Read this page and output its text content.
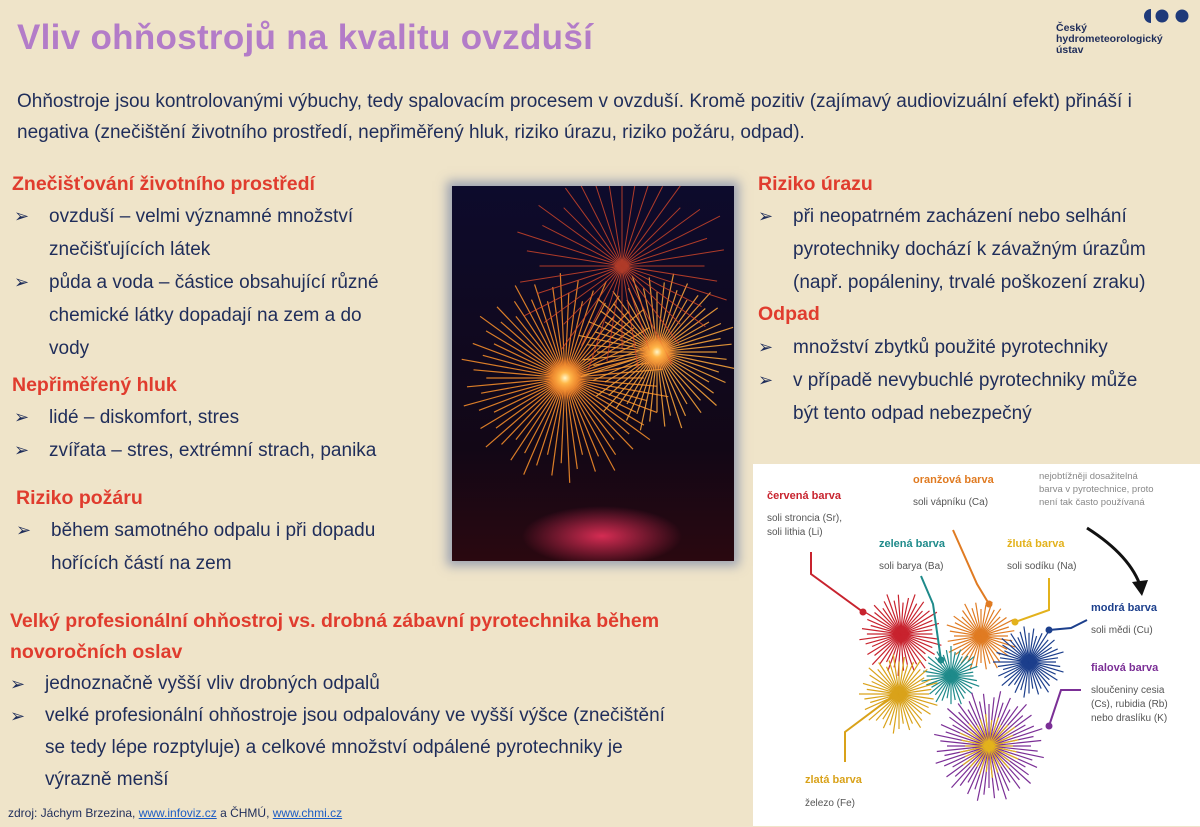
Vliv ohňostrojů na kvalitu ovzduší	Český
hydrometeorologický
ústav
Ohňostroje jsou kontrolovanými výbuchy, tedy spalovacím procesem v ovzduší. Kromě pozitiv (zajímavý audiovizuální efekt) přináší i negativa (znečištění životního prostředí, nepřiměřený hluk, riziko úrazu, riziko požáru, odpad).
Znečišťování životního prostředí
➢ ovzduší – velmi významné množství
znečišťujících látek
➢ půda a voda – částice obsahující různé
chemické látky dopadají na zem a do
vody
Nepřiměřený hluk
➢ lidé – diskomfort, stres
➢ zvířata – stres, extrémní strach, panika
Riziko požáru
➢ během samotného odpalu i při dopadu
hořících částí na zem
Riziko úrazu
➢ při neopatrném zacházení nebo selhání
pyrotechniky dochází k závažným úrazům
(např. popáleniny, trvalé poškození zraku)
Odpad
➢ množství zbytků použité pyrotechniky
➢ v případě nevybuchlé pyrotechniky může
být tento odpad nebezpečný
Velký profesionální ohňostroj vs. drobná zábavní pyrotechnika během
novoročních oslav
➢ jednoznačně vyšší vliv drobných odpalů
➢ velké profesionální ohňostroje jsou odpalovány ve vyšší výšce (znečištění
se tedy lépe rozptyluje) a celkové množství odpálené pyrotechniky je
výrazně menší
červená barva
soli stroncia (Sr),
soli lithia (Li)
oranžová barva
soli vápníku (Ca)
nejobtížněji dosažitelná
barva v pyrotechnice, proto
není tak často používaná
zelená barva
soli barya (Ba)
žlutá barva
soli sodíku (Na)
modrá barva
soli mědi (Cu)
fialová barva
sloučeniny cesia
(Cs), rubidia (Rb)
nebo draslíku (K)
zlatá barva
železo (Fe)
zdroj: Jáchym Brzezina, www.infoviz.cz a ČHMÚ, www.chmi.cz
